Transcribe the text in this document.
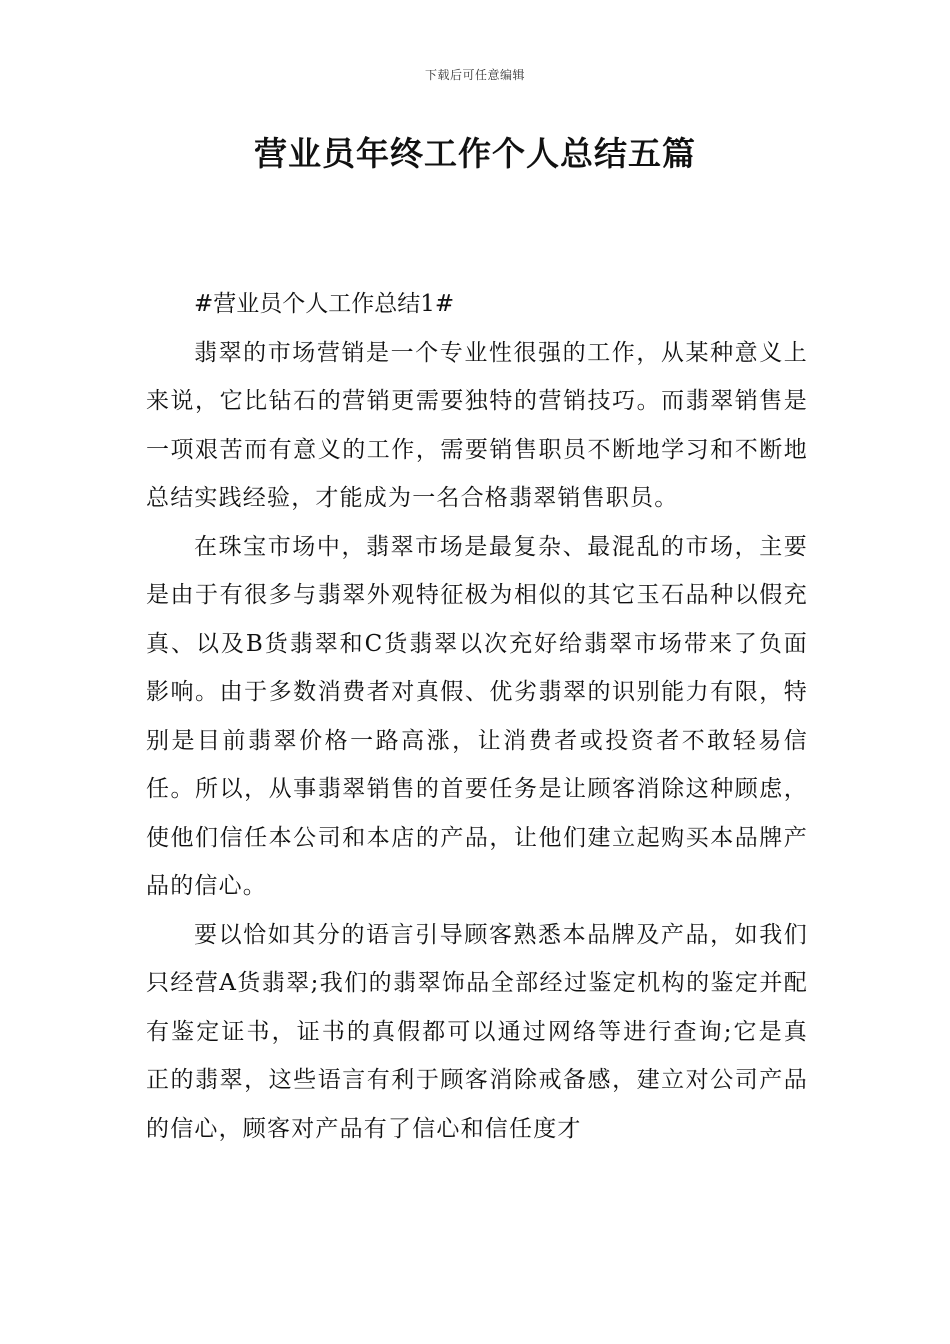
下载后可任意编辑
营业员年终工作个人总结五篇

#营业员个人工作总结1#

翡翠的市场营销是一个专业性很强的工作，从某种意义上来说，它比钻石的营销更需要独特的营销技巧。而翡翠销售是一项艰苦而有意义的工作，需要销售职员不断地学习和不断地总结实践经验，才能成为一名合格翡翠销售职员。

在珠宝市场中，翡翠市场是最复杂、最混乱的市场，主要是由于有很多与翡翠外观特征极为相似的其它玉石品种以假充真、以及B货翡翠和C货翡翠以次充好给翡翠市场带来了负面影响。由于多数消费者对真假、优劣翡翠的识别能力有限，特别是目前翡翠价格一路高涨，让消费者或投资者不敢轻易信任。所以，从事翡翠销售的首要任务是让顾客消除这种顾虑，使他们信任本公司和本店的产品，让他们建立起购买本品牌产品的信心。

要以恰如其分的语言引导顾客熟悉本品牌及产品，如我们只经营A货翡翠;我们的翡翠饰品全部经过鉴定机构的鉴定并配有鉴定证书，证书的真假都可以通过网络等进行查询;它是真正的翡翠，这些语言有利于顾客消除戒备感，建立对公司产品的信心，顾客对产品有了信心和信任度才
